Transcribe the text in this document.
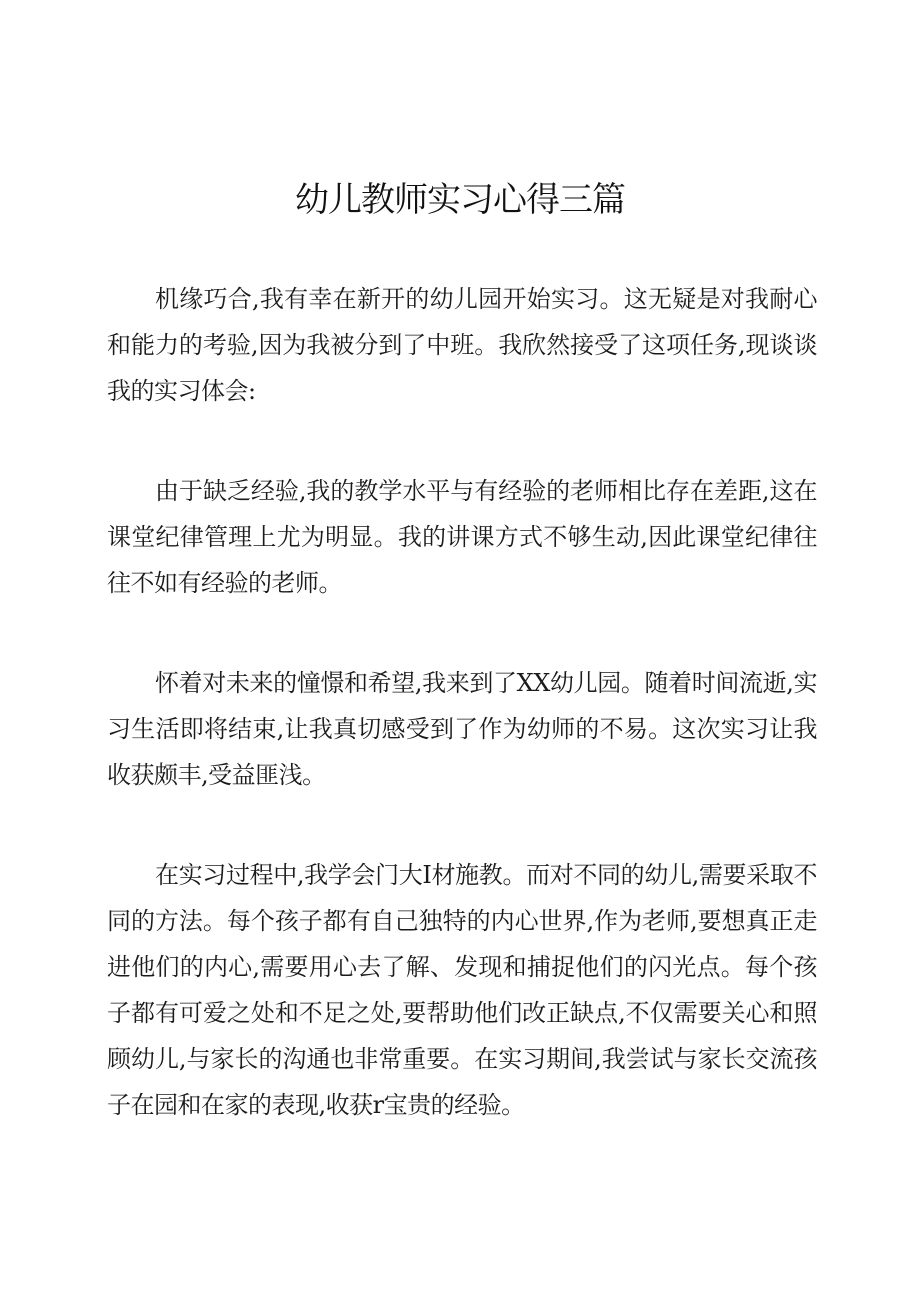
幼儿教师实习心得三篇

机缘巧合,我有幸在新开的幼儿园开始实习。这无疑是对我耐心和能力的考验,因为我被分到了中班。我欣然接受了这项任务,现谈谈我的实习体会:

由于缺乏经验,我的教学水平与有经验的老师相比存在差距,这在课堂纪律管理上尤为明显。我的讲课方式不够生动,因此课堂纪律往往不如有经验的老师。

怀着对未来的憧憬和希望,我来到了XX幼儿园。随着时间流逝,实习生活即将结束,让我真切感受到了作为幼师的不易。这次实习让我收获颇丰,受益匪浅。

在实习过程中,我学会门大I材施教。而对不同的幼儿,需要采取不同的方法。每个孩子都有自己独特的内心世界,作为老师,要想真正走进他们的内心,需要用心去了解、发现和捕捉他们的闪光点。每个孩子都有可爱之处和不足之处,要帮助他们改正缺点,不仅需要关心和照顾幼儿,与家长的沟通也非常重要。在实习期间,我尝试与家长交流孩子在园和在家的表现,收获r宝贵的经验。
